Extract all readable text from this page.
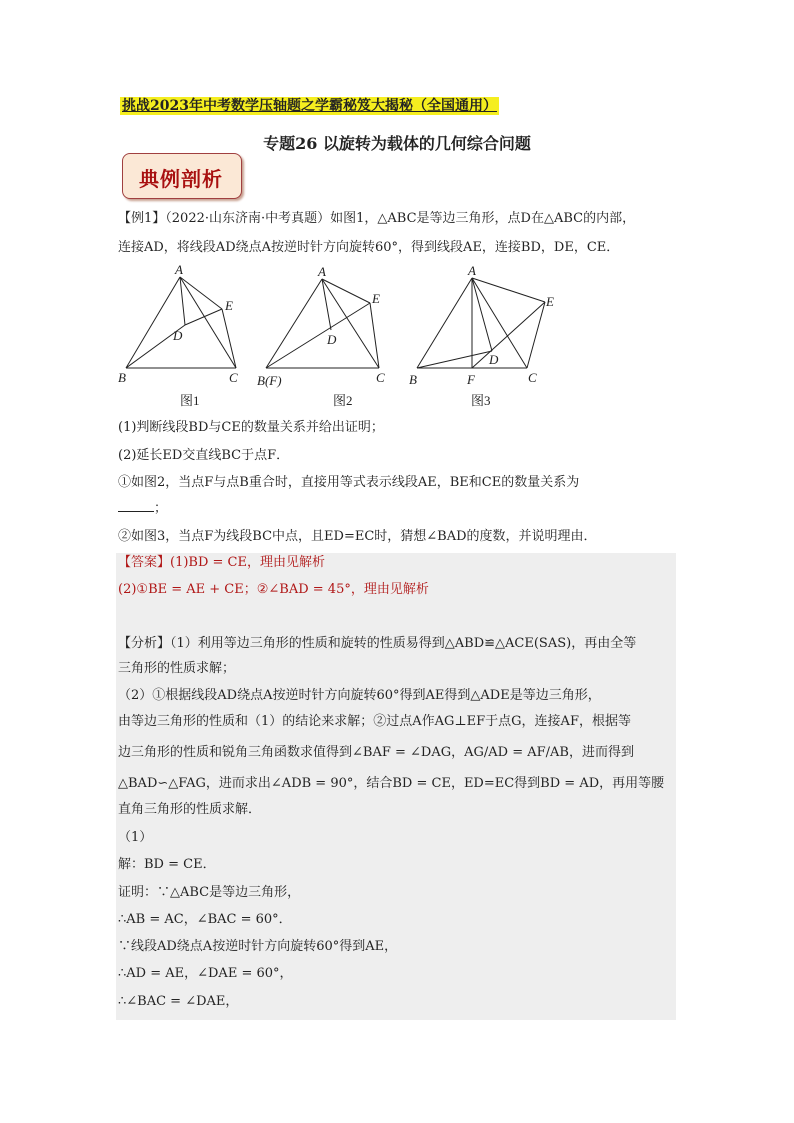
挑战2023年中考数学压轴题之学霸秘笈大揭秘（全国通用）
专题26 以旋转为载体的几何综合问题
典例剖析
【例1】（2022·山东济南·中考真题）如图1，△ABC是等边三角形，点D在△ABC的内部，
连接AD，将线段AD绕点A按逆时针方向旋转60°，得到线段AE，连接BD，DE，CE．
A
B	C
D
E
图1
A
B(F)	C
D
E
图2
A
B	C
D
E
F
图3
(1)判断线段BD与CE的数量关系并给出证明；
(2)延长ED交直线BC于点F．
①如图2，当点F与点B重合时，直接用等式表示线段AE，BE和CE的数量关系为
；
②如图3，当点F为线段BC中点，且ED=EC时，猜想∠BAD的度数，并说明理由．
【答案】(1)BD = CE，理由见解析
(2)①BE = AE + CE；②∠BAD = 45°，理由见解析
【分析】（1）利用等边三角形的性质和旋转的性质易得到△ABD≌△ACE(SAS)，再由全等
三角形的性质求解；
（2）①根据线段AD绕点A按逆时针方向旋转60°得到AE得到△ADE是等边三角形，
由等边三角形的性质和（1）的结论来求解；②过点A作AG⊥EF于点G，连接AF，根据等
边三角形的性质和锐角三角函数求值得到∠BAF = ∠DAG，AG/AD = AF/AB，进而得到
△BAD∽△FAG，进而求出∠ADB = 90°，结合BD = CE，ED=EC得到BD = AD，再用等腰
直角三角形的性质求解．
（1）
解：BD = CE．
证明：∵△ABC是等边三角形，
∴AB = AC，∠BAC = 60°．
∵线段AD绕点A按逆时针方向旋转60°得到AE，
∴AD = AE，∠DAE = 60°，
∴∠BAC = ∠DAE，
